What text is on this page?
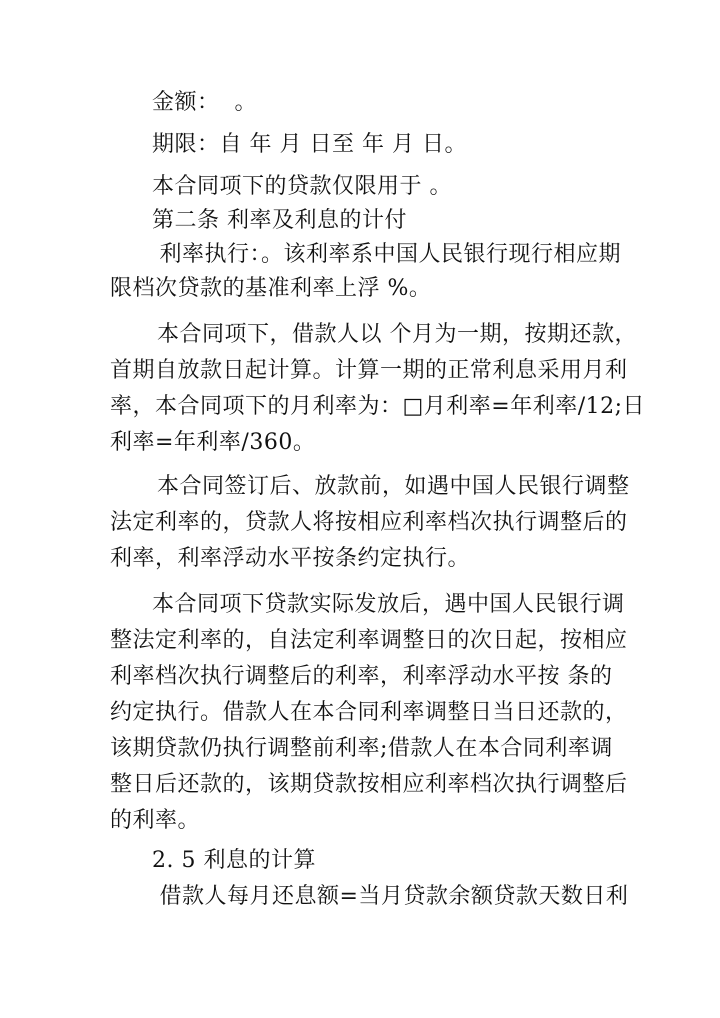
金额：  。
期限：自 年 月 日至 年 月 日。
本合同项下的贷款仅限用于 。
第二条 利率及利息的计付
利率执行：。该利率系中国人民银行现行相应期
限档次贷款的基准利率上浮 %。
本合同项下，借款人以 个月为一期，按期还款，
首期自放款日起计算。计算一期的正常利息采用月利
率，本合同项下的月利率为：□月利率=年利率/12;日
利率=年利率/360。
本合同签订后、放款前，如遇中国人民银行调整
法定利率的，贷款人将按相应利率档次执行调整后的
利率，利率浮动水平按条约定执行。
本合同项下贷款实际发放后，遇中国人民银行调
整法定利率的，自法定利率调整日的次日起，按相应
利率档次执行调整后的利率，利率浮动水平按 条的
约定执行。借款人在本合同利率调整日当日还款的，
该期贷款仍执行调整前利率;借款人在本合同利率调
整日后还款的，该期贷款按相应利率档次执行调整后
的利率。
2. 5 利息的计算
借款人每月还息额=当月贷款余额贷款天数日利
